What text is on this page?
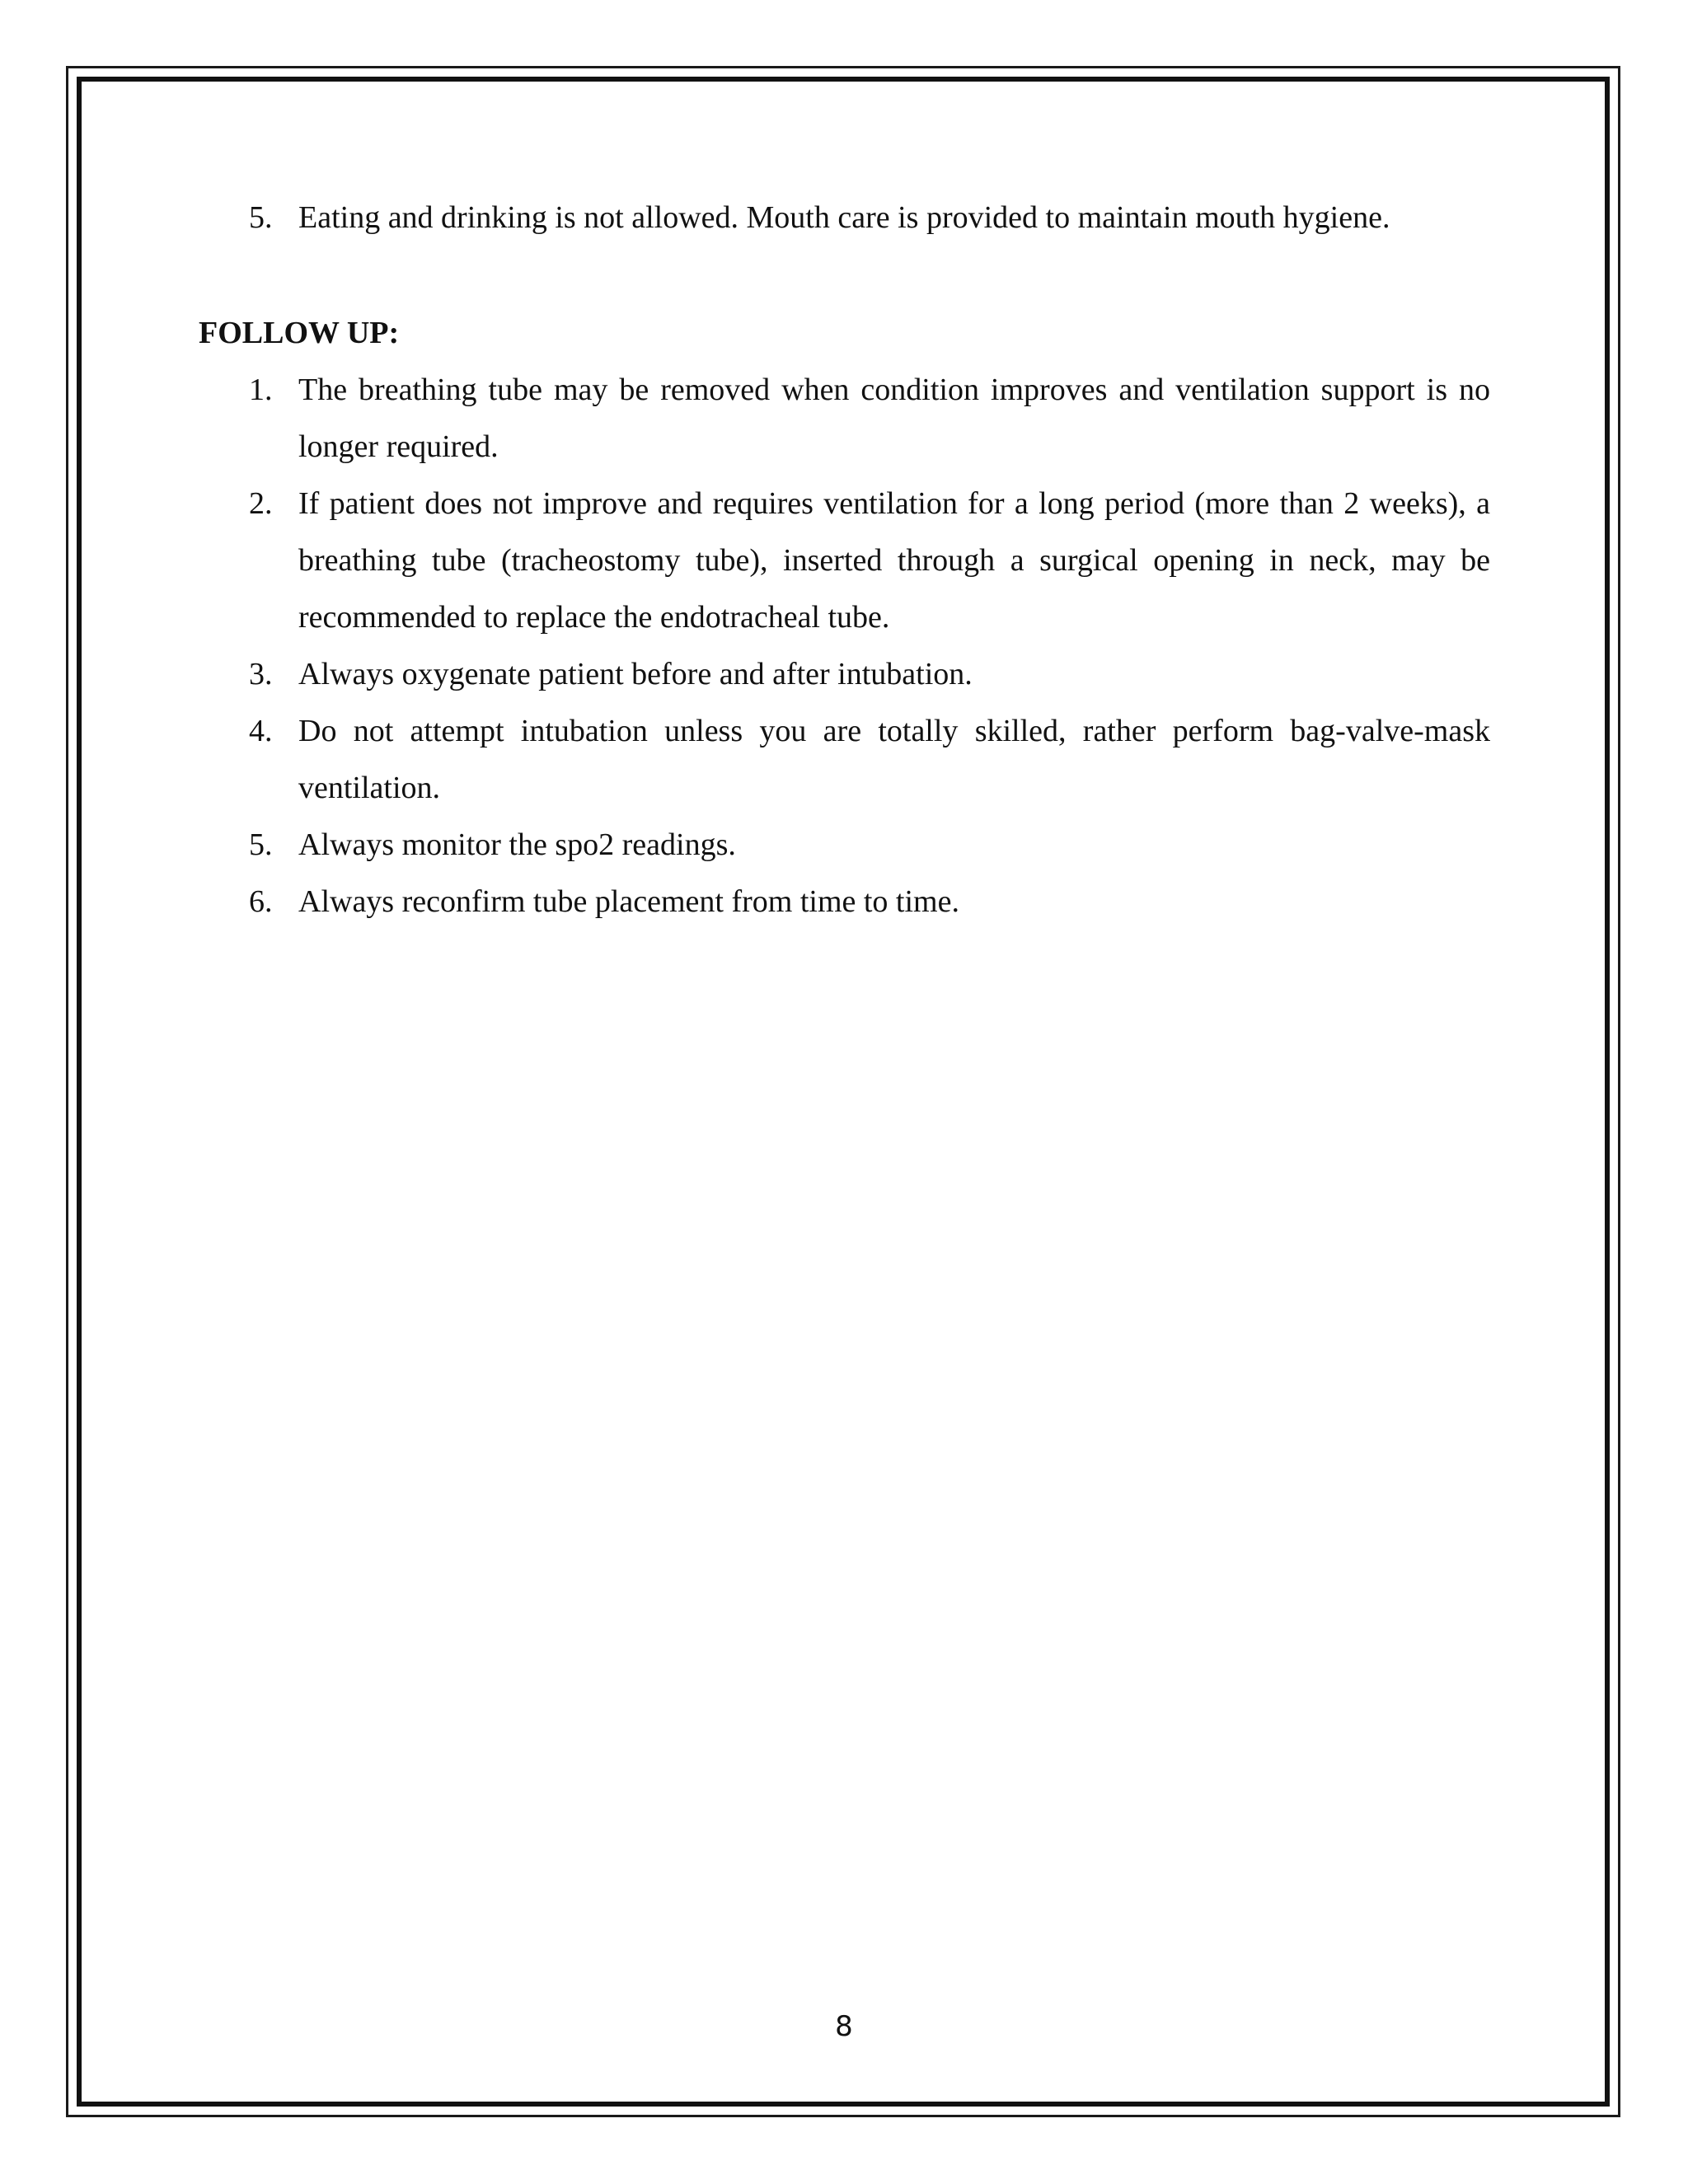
5. Eating and drinking is not allowed. Mouth care is provided to maintain mouth hygiene.
FOLLOW UP:
1. The breathing tube may be removed when condition improves and ventilation support is no longer required.
2. If patient does not improve and requires ventilation for a long period (more than 2 weeks), a breathing tube (tracheostomy tube), inserted through a surgical opening in neck, may be recommended to replace the endotracheal tube.
3. Always oxygenate patient before and after intubation.
4. Do not attempt intubation unless you are totally skilled, rather perform bag-valve-mask ventilation.
5. Always monitor the spo2 readings.
6. Always reconfirm tube placement from time to time.
8
